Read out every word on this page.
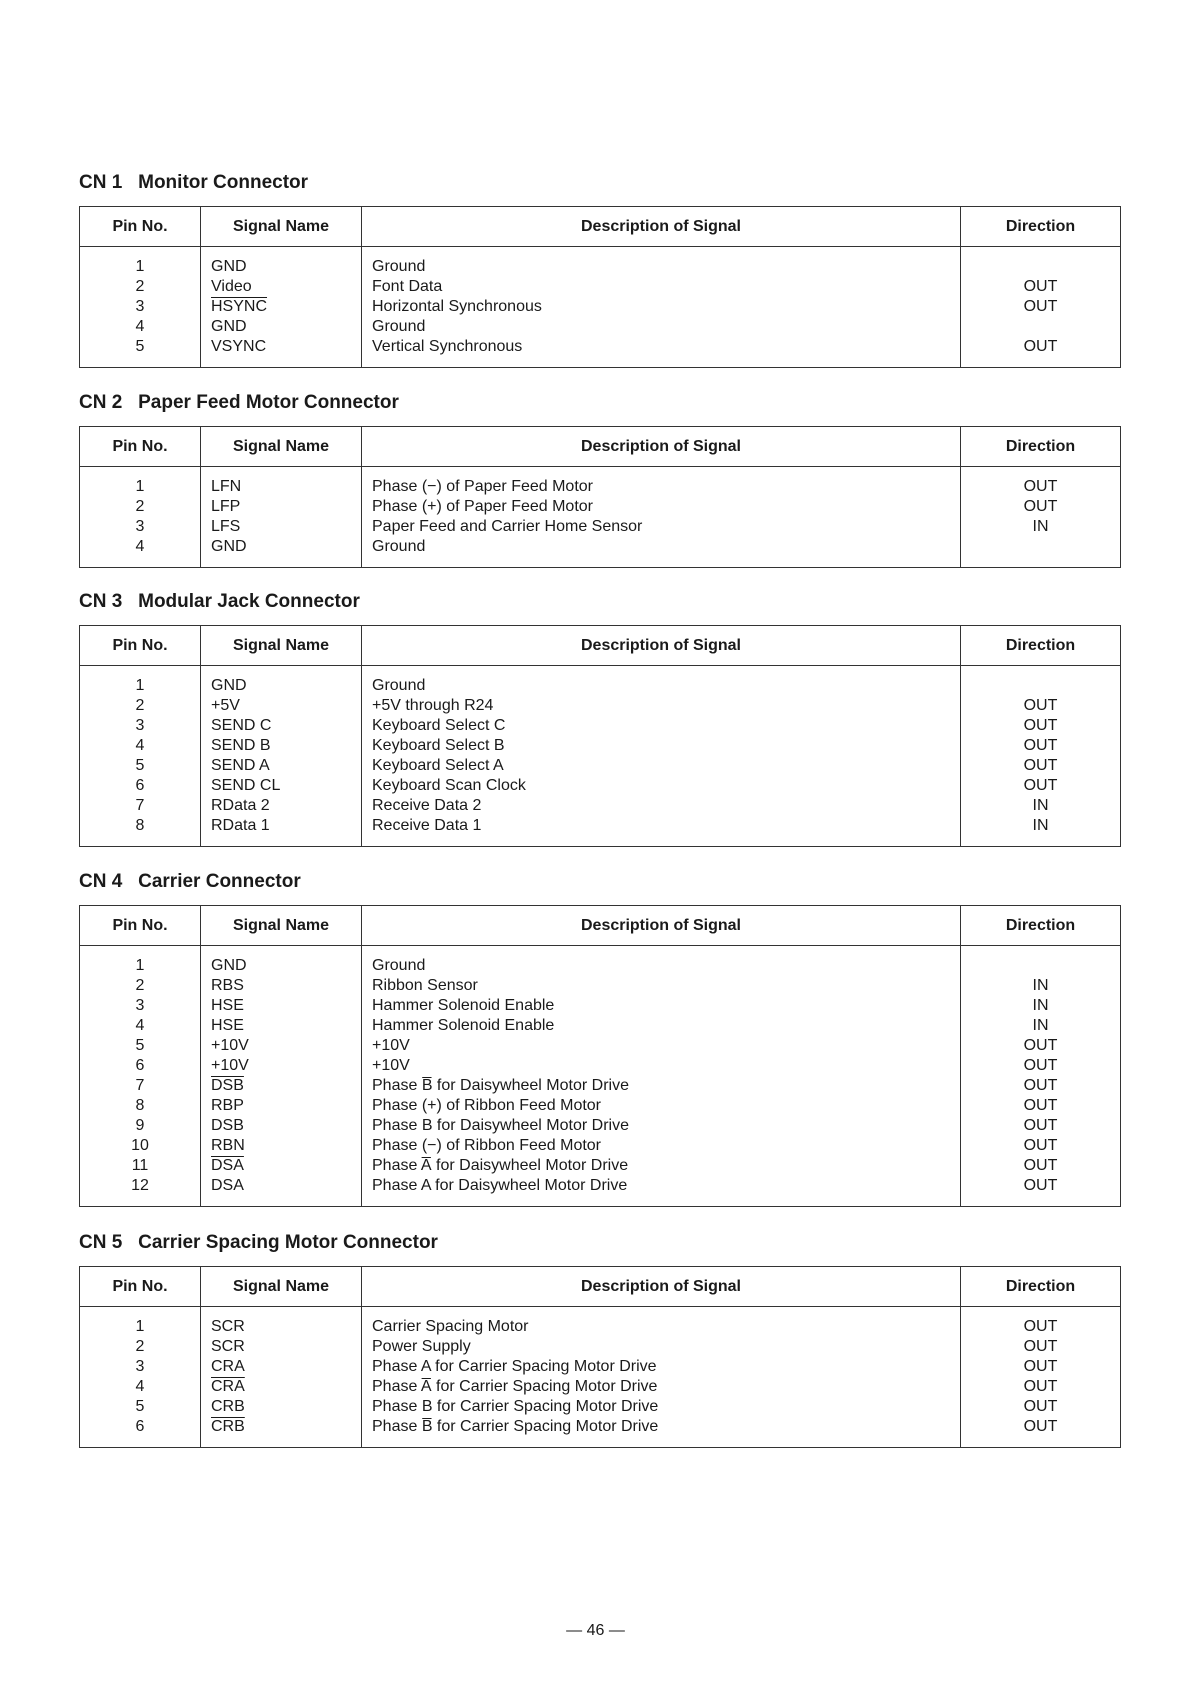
CN 1   Monitor Connector
Pin No.	Signal Name	Description of Signal	Direction
1	GND	Ground	
2	Video	Font Data	OUT
3	HSYNC	Horizontal Synchronous	OUT
4	GND	Ground	
5	VSYNC	Vertical Synchronous	OUT
CN 2   Paper Feed Motor Connector
Pin No.	Signal Name	Description of Signal	Direction
1	LFN	Phase (−) of Paper Feed Motor	OUT
2	LFP	Phase (+) of Paper Feed Motor	OUT
3	LFS	Paper Feed and Carrier Home Sensor	IN
4	GND	Ground	
CN 3   Modular Jack Connector
Pin No.	Signal Name	Description of Signal	Direction
1	GND	Ground	
2	+5V	+5V through R24	OUT
3	SEND C	Keyboard Select C	OUT
4	SEND B	Keyboard Select B	OUT
5	SEND A	Keyboard Select A	OUT
6	SEND CL	Keyboard Scan Clock	OUT
7	RData 2	Receive Data 2	IN
8	RData 1	Receive Data 1	IN
CN 4   Carrier Connector
Pin No.	Signal Name	Description of Signal	Direction
1	GND	Ground	
2	RBS	Ribbon Sensor	IN
3	HSE	Hammer Solenoid Enable	IN
4	HSE	Hammer Solenoid Enable	IN
5	+10V	+10V	OUT
6	+10V	+10V	OUT
7	$\overline{DSB}$	Phase B̅ for Daisywheel Motor Drive	OUT
8	RBP	Phase (+) of Ribbon Feed Motor	OUT
9	DSB	Phase B for Daisywheel Motor Drive	OUT
10	RBN	Phase (−) of Ribbon Feed Motor	OUT
11	$\overline{DSA}$	Phase A̅ for Daisywheel Motor Drive	OUT
12	DSA	Phase A for Daisywheel Motor Drive	OUT
CN 5   Carrier Spacing Motor Connector
Pin No.	Signal Name	Description of Signal	Direction
1	SCR	Carrier Spacing Motor	OUT
2	SCR	Power Supply	OUT
3	CRA	Phase A for Carrier Spacing Motor Drive	OUT
4	$\overline{CRA}$	Phase A̅ for Carrier Spacing Motor Drive	OUT
5	CRB	Phase B for Carrier Spacing Motor Drive	OUT
6	$\overline{CRB}$	Phase B̅ for Carrier Spacing Motor Drive	OUT
— 46 —
